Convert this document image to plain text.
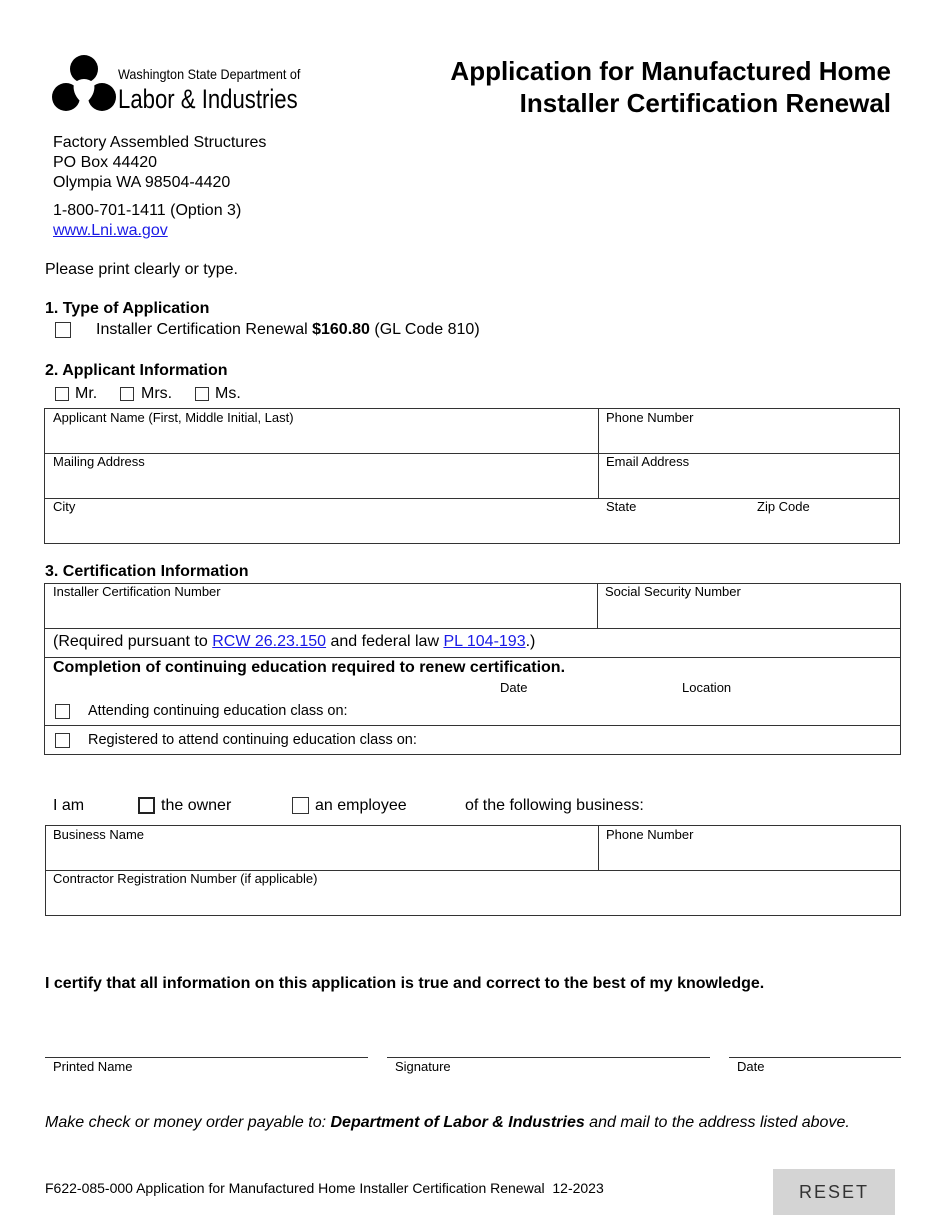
Washington State Department of
Labor & Industries
Application for Manufactured Home
Installer Certification Renewal
Factory Assembled Structures
PO Box 44420
Olympia WA 98504-4420
1-800-701-1411 (Option 3)
www.Lni.wa.gov
Please print clearly or type.
1. Type of Application
Installer Certification Renewal $160.80 (GL Code 810)
2. Applicant Information
Mr.	Mrs.	Ms.
Applicant Name (First, Middle Initial, Last)	Phone Number
Mailing Address	Email Address
City	State	Zip Code
3. Certification Information
Installer Certification Number	Social Security Number
(Required pursuant to RCW 26.23.150 and federal law PL 104-193.)
Completion of continuing education required to renew certification.
Date	Location
Attending continuing education class on:
Registered to attend continuing education class on:
I am	the owner	an employee	of the following business:
Business Name	Phone Number
Contractor Registration Number (if applicable)
I certify that all information on this application is true and correct to the best of my knowledge.
Printed Name	Signature	Date
Make check or money order payable to: Department of Labor & Industries and mail to the address listed above.
F622-085-000 Application for Manufactured Home Installer Certification Renewal  12-2023	RESET
